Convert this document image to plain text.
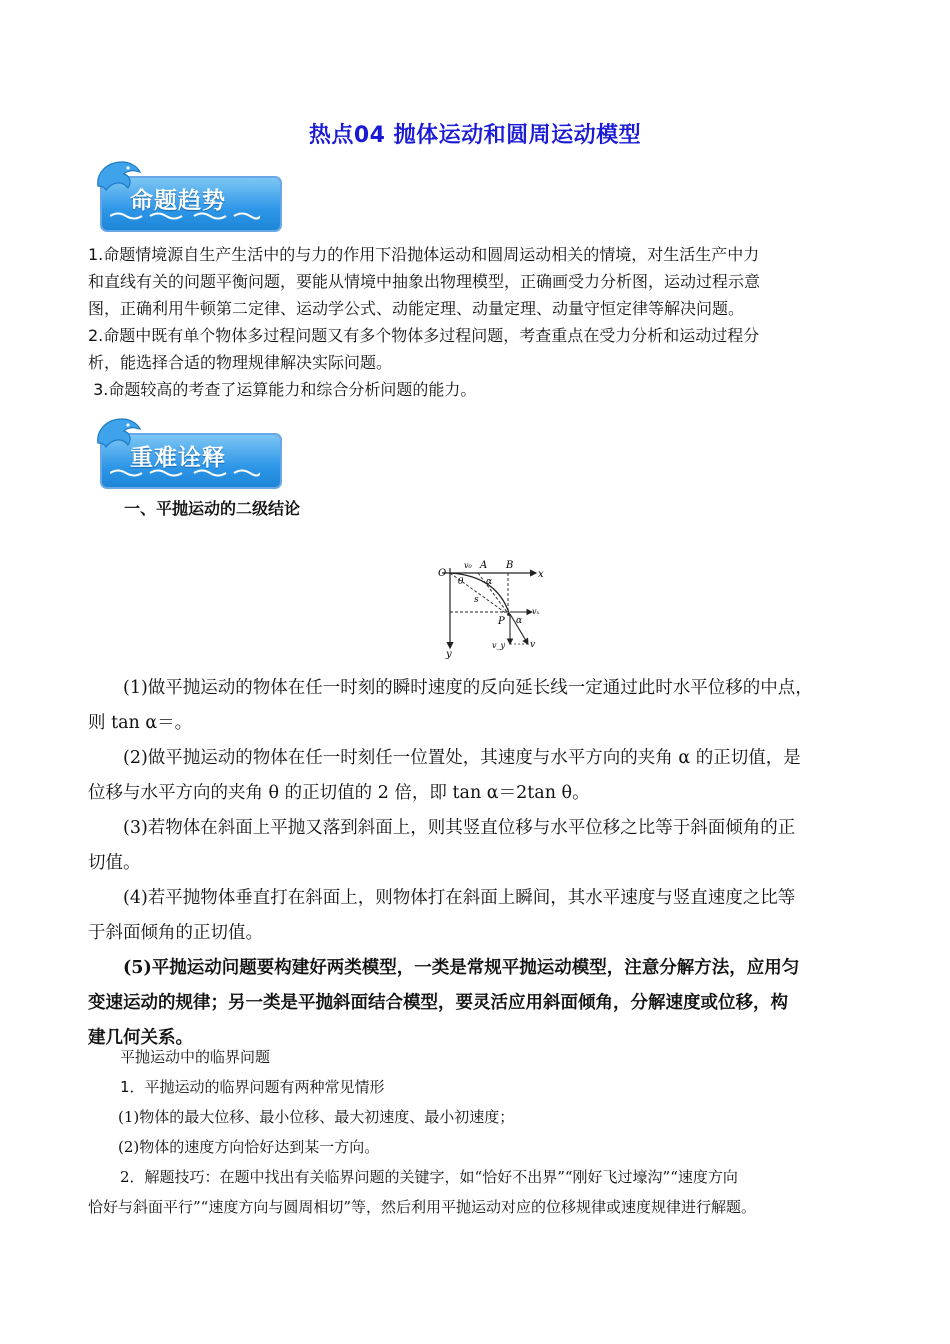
热点04 抛体运动和圆周运动模型
命题趋势
1.命题情境源自生产生活中的与力的作用下沿抛体运动和圆周运动相关的情境，对生活生产中力
和直线有关的问题平衡问题，要能从情境中抽象出物理模型，正确画受力分析图，运动过程示意
图，正确利用牛顿第二定律、运动学公式、动能定理、动量定理、动量守恒定律等解决问题。
2.命题中既有单个物体多过程问题又有多个物体多过程问题，考查重点在受力分析和运动过程分
析，能选择合适的物理规律解决实际问题。
3.命题较高的考查了运算能力和综合分析问题的能力。
重难诠释
一、平抛运动的二级结论
O
v₀ A B
x
y
θ	α
s
P
vₓ
α
v_y	v
(1)做平抛运动的物体在任一时刻的瞬时速度的反向延长线一定通过此时水平位移的中点，
则 tan α＝。
(2)做平抛运动的物体在任一时刻任一位置处，其速度与水平方向的夹角 α 的正切值，是
位移与水平方向的夹角 θ 的正切值的 2 倍，即 tan α＝2tan θ。
(3)若物体在斜面上平抛又落到斜面上，则其竖直位移与水平位移之比等于斜面倾角的正
切值。
(4)若平抛物体垂直打在斜面上，则物体打在斜面上瞬间，其水平速度与竖直速度之比等
于斜面倾角的正切值。
(5)平抛运动问题要构建好两类模型，一类是常规平抛运动模型，注意分解方法，应用匀
变速运动的规律；另一类是平抛斜面结合模型，要灵活应用斜面倾角，分解速度或位移，构
建几何关系。
平抛运动中的临界问题
1．平抛运动的临界问题有两种常见情形
(1)物体的最大位移、最小位移、最大初速度、最小初速度；
(2)物体的速度方向恰好达到某一方向。
2．解题技巧：在题中找出有关临界问题的关键字，如“恰好不出界”“刚好飞过壕沟”“速度方向
恰好与斜面平行”“速度方向与圆周相切”等，然后利用平抛运动对应的位移规律或速度规律进行解题。
